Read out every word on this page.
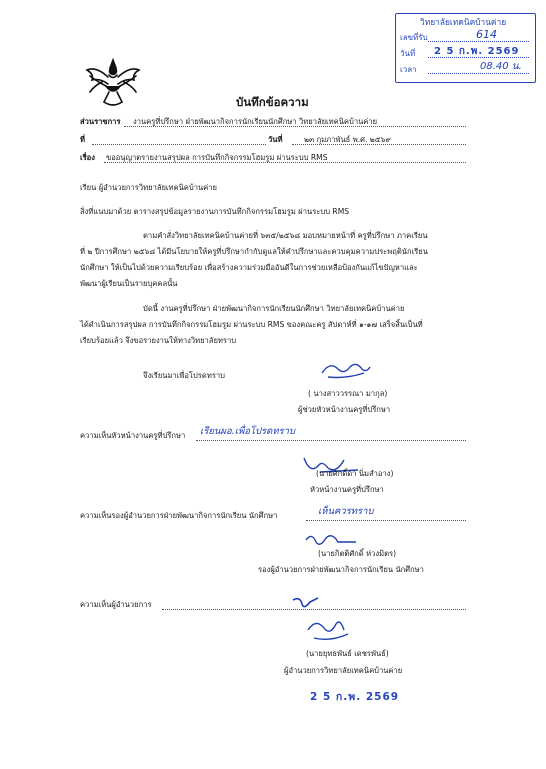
วิทยาลัยเทคนิคบ้านค่าย
เลขที่รับ	614
วันที่ 2 5 ก.พ. 2569
เวลา	08.40 น.
บันทึกข้อความ
ส่วนราชการ งานครูที่ปรึกษา ฝ่ายพัฒนากิจการนักเรียนนักศึกษา วิทยาลัยเทคนิคบ้านค่าย
ที่	วันที่	๒๓ กุมภาพันธ์ พ.ศ. ๒๕๖๙
เรื่อง ขออนุญาตรายงานสรุปผล การบันทึกกิจกรรมโฮมรูม ผ่านระบบ RMS
เรียน ผู้อำนวยการวิทยาลัยเทคนิคบ้านค่าย
สิ่งที่แนบมาด้วย ตารางสรุปข้อมูลรายงานการบันทึกกิจกรรมโฮมรูม ผ่านระบบ RMS
ตามคำสั่งวิทยาลัยเทคนิคบ้านค่ายที่ ๖๓๕/๒๕๖๘ มอบหมายหน้าที่ ครูที่ปรึกษา ภาคเรียน
ที่ ๒ ปีการศึกษา ๒๕๖๘ ได้มีนโยบายให้ครูที่ปรึกษากำกับดูแลให้คำปรึกษาและควบคุมความประพฤตินักเรียน
นักศึกษา ให้เป็นไปด้วยความเรียบร้อย เพื่อสร้างความร่วมมืออันดีในการช่วยเหลือป้องกันแก้ไขปัญหาและ
พัฒนาผู้เรียนเป็นรายบุคคลนั้น
บัดนี้ งานครูที่ปรึกษา ฝ่ายพัฒนากิจการนักเรียนนักศึกษา วิทยาลัยเทคนิคบ้านค่าย
ได้ดำเนินการสรุปผล การบันทึกกิจกรรมโฮมรูม ผ่านระบบ RMS ของคณะครู สัปดาห์ที่ ๑-๑๗ เสร็จสิ้นเป็นที่
เรียบร้อยแล้ว จึงขอรายงานให้ทางวิทยาลัยทราบ
จึงเรียนมาเพื่อโปรดทราบ
( นางสาววรรณา มากุล)
ผู้ช่วยหัวหน้างานครูที่ปรึกษา
ความเห็นหัวหน้างานครูที่ปรึกษา เรียนผอ.เพื่อโปรดทราบ
(นายศักดิ์ดา นิ่มสำอาง)
หัวหน้างานครูที่ปรึกษา
ความเห็นรองผู้อำนวยการฝ่ายพัฒนากิจการนักเรียน นักศึกษา	เห็นควรทราบ
(นายกิตติศักดิ์ ห่วงมิตร)
รองผู้อำนวยการฝ่ายพัฒนากิจการนักเรียน นักศึกษา
ความเห็นผู้อำนวยการ
(นายยุทธพันธ์ เดชรพันธ์)
ผู้อำนวยการวิทยาลัยเทคนิคบ้านค่าย
2 5 ก.พ. 2569
